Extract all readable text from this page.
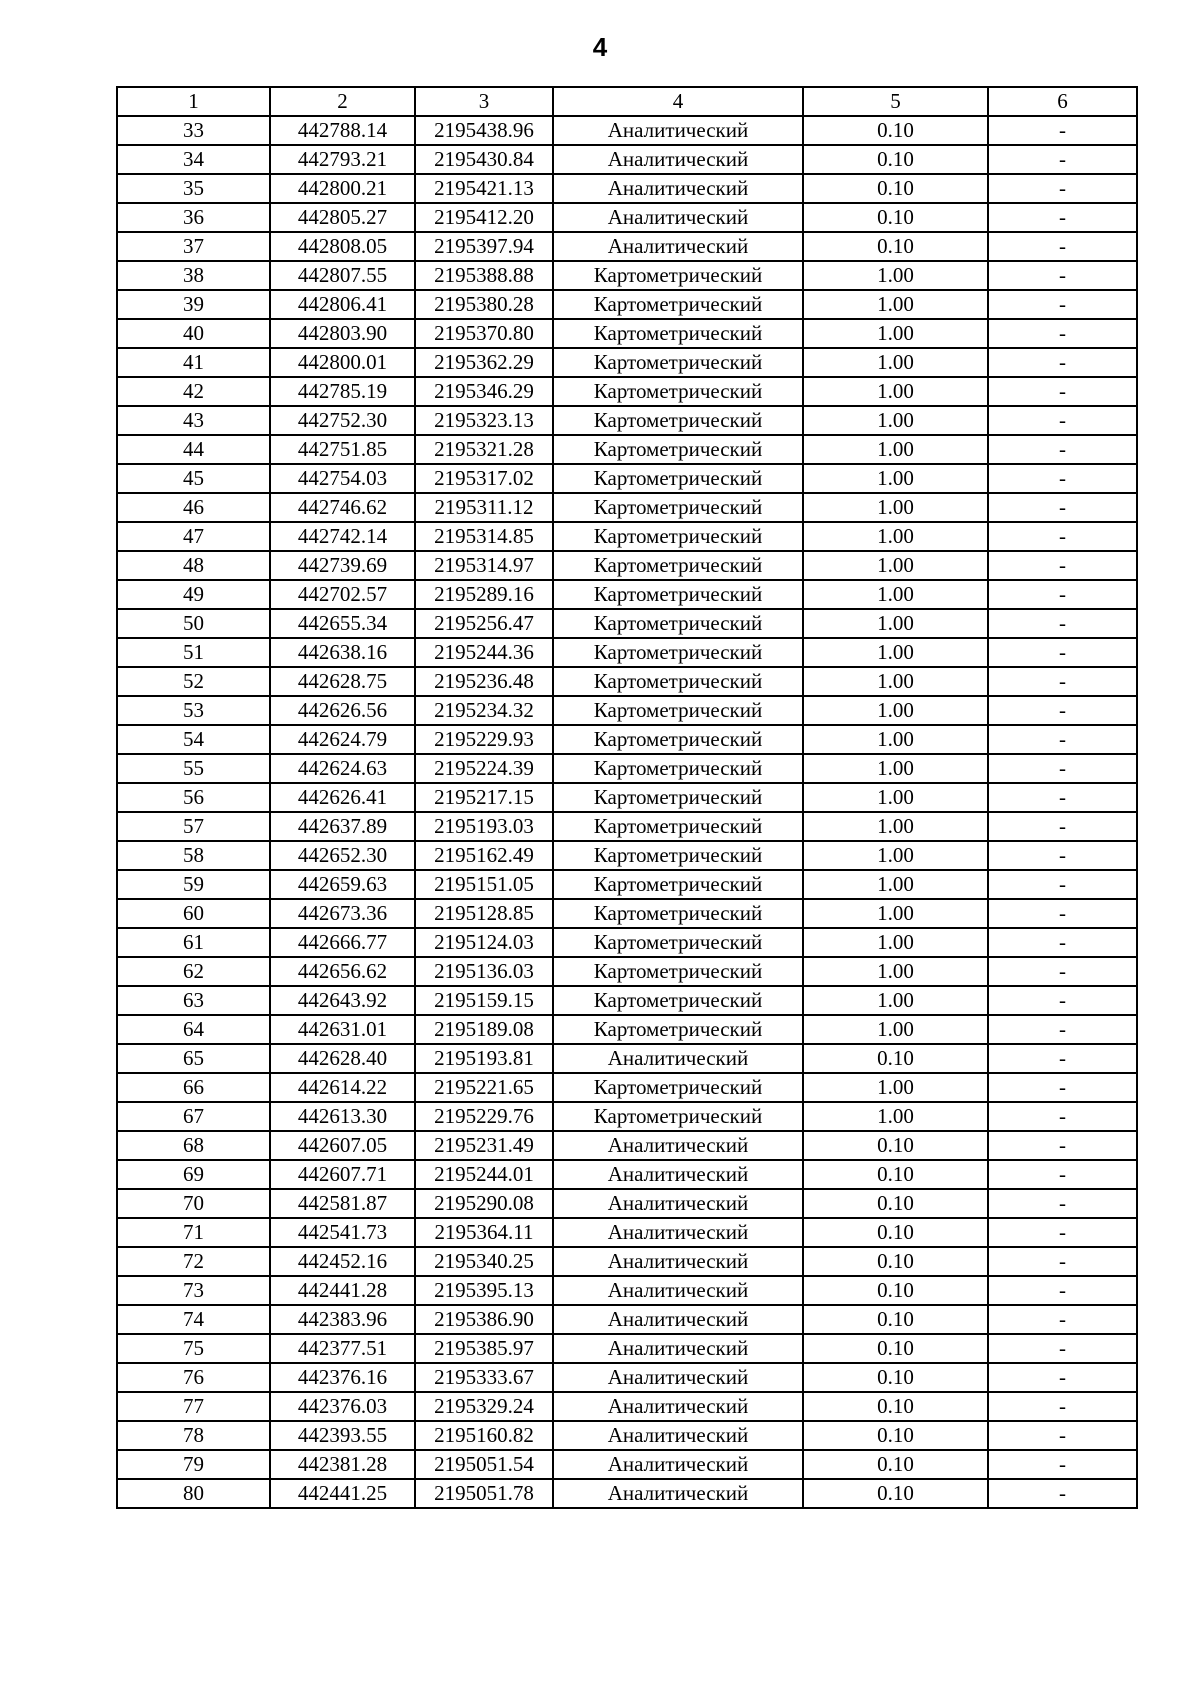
4
1	2	3	4	5	6
33	442788.14	2195438.96	Аналитический	0.10	-
34	442793.21	2195430.84	Аналитический	0.10	-
35	442800.21	2195421.13	Аналитический	0.10	-
36	442805.27	2195412.20	Аналитический	0.10	-
37	442808.05	2195397.94	Аналитический	0.10	-
38	442807.55	2195388.88	Картометрический	1.00	-
39	442806.41	2195380.28	Картометрический	1.00	-
40	442803.90	2195370.80	Картометрический	1.00	-
41	442800.01	2195362.29	Картометрический	1.00	-
42	442785.19	2195346.29	Картометрический	1.00	-
43	442752.30	2195323.13	Картометрический	1.00	-
44	442751.85	2195321.28	Картометрический	1.00	-
45	442754.03	2195317.02	Картометрический	1.00	-
46	442746.62	2195311.12	Картометрический	1.00	-
47	442742.14	2195314.85	Картометрический	1.00	-
48	442739.69	2195314.97	Картометрический	1.00	-
49	442702.57	2195289.16	Картометрический	1.00	-
50	442655.34	2195256.47	Картометрический	1.00	-
51	442638.16	2195244.36	Картометрический	1.00	-
52	442628.75	2195236.48	Картометрический	1.00	-
53	442626.56	2195234.32	Картометрический	1.00	-
54	442624.79	2195229.93	Картометрический	1.00	-
55	442624.63	2195224.39	Картометрический	1.00	-
56	442626.41	2195217.15	Картометрический	1.00	-
57	442637.89	2195193.03	Картометрический	1.00	-
58	442652.30	2195162.49	Картометрический	1.00	-
59	442659.63	2195151.05	Картометрический	1.00	-
60	442673.36	2195128.85	Картометрический	1.00	-
61	442666.77	2195124.03	Картометрический	1.00	-
62	442656.62	2195136.03	Картометрический	1.00	-
63	442643.92	2195159.15	Картометрический	1.00	-
64	442631.01	2195189.08	Картометрический	1.00	-
65	442628.40	2195193.81	Аналитический	0.10	-
66	442614.22	2195221.65	Картометрический	1.00	-
67	442613.30	2195229.76	Картометрический	1.00	-
68	442607.05	2195231.49	Аналитический	0.10	-
69	442607.71	2195244.01	Аналитический	0.10	-
70	442581.87	2195290.08	Аналитический	0.10	-
71	442541.73	2195364.11	Аналитический	0.10	-
72	442452.16	2195340.25	Аналитический	0.10	-
73	442441.28	2195395.13	Аналитический	0.10	-
74	442383.96	2195386.90	Аналитический	0.10	-
75	442377.51	2195385.97	Аналитический	0.10	-
76	442376.16	2195333.67	Аналитический	0.10	-
77	442376.03	2195329.24	Аналитический	0.10	-
78	442393.55	2195160.82	Аналитический	0.10	-
79	442381.28	2195051.54	Аналитический	0.10	-
80	442441.25	2195051.78	Аналитический	0.10	-
